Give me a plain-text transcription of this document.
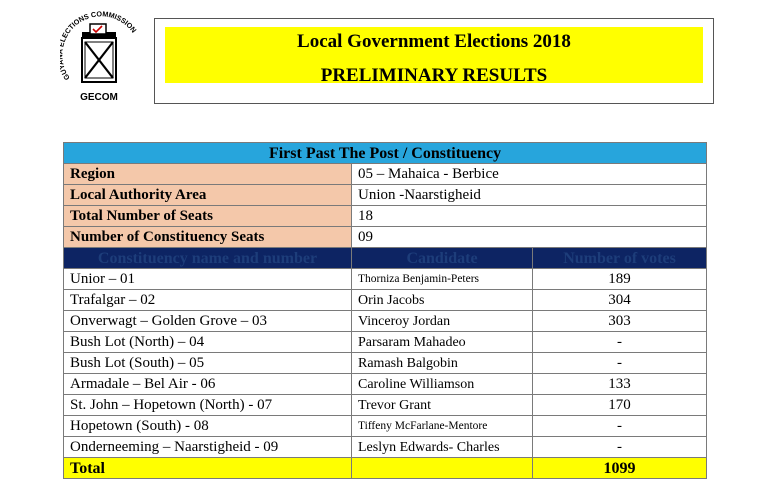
G ECTIONS COMMISSION
GECOM
Local Government Elections 2018
PRELIMINARY RESULTS
First Past The Post / Constituency		
Region	05 – Mahaica - Berbice	
Local Authority Area	Union -Naarstigheid	
Total Number of Seats	18	
Number of Constituency Seats	09	
Constituency name and number	Candidate	Number of votes
Unior – 01	Thorniza Benjamin-Peters	189
Trafalgar – 02	Orin Jacobs	304
Onverwagt – Golden Grove – 03	Vinceroy Jordan	303
Bush Lot (North) – 04	Parsaram Mahadeo	-
Bush Lot (South) – 05	Ramash Balgobin	-
Armadale – Bel Air - 06	Caroline Williamson	133
St. John – Hopetown (North) - 07	Trevor Grant	170
Hopetown (South) - 08	Tiffeny McFarlane-Mentore	-
Onderneeming – Naarstigheid - 09	Leslyn Edwards- Charles	-
Total		1099
